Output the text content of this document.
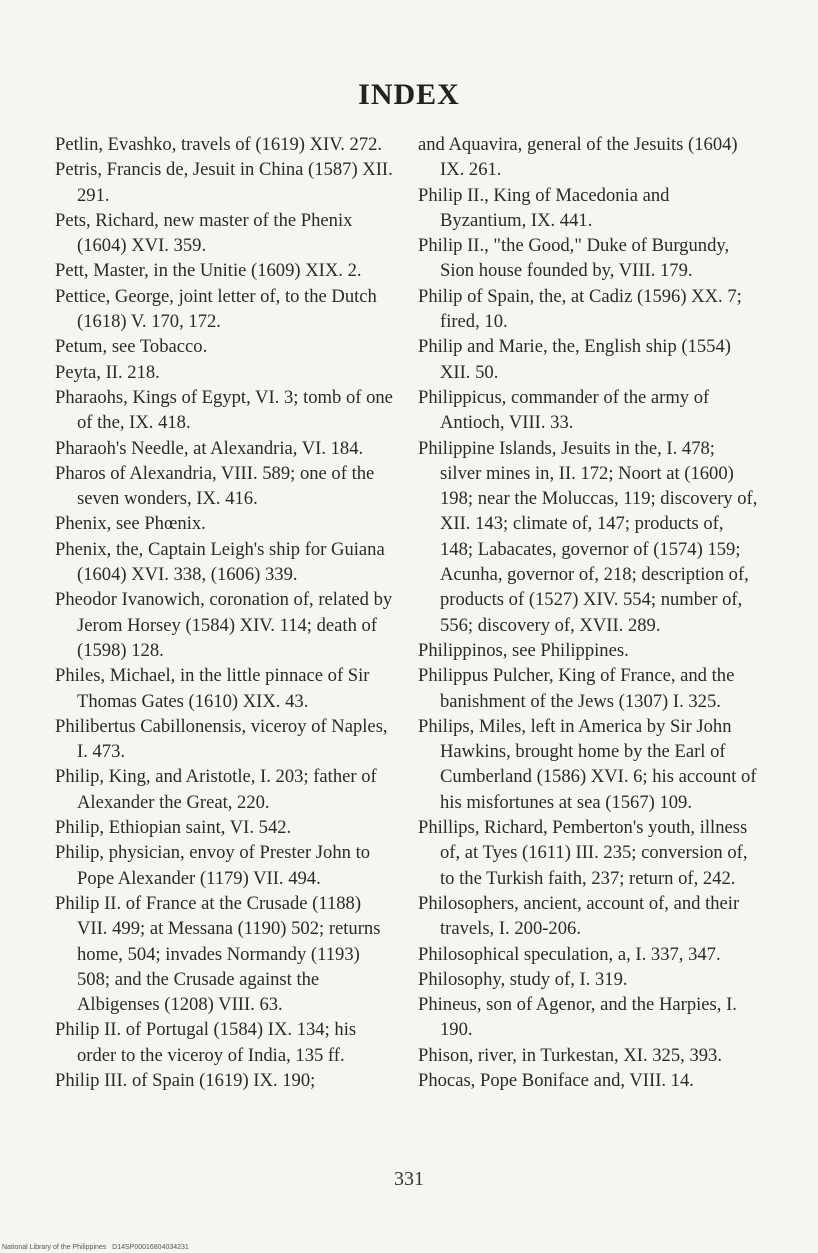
INDEX

Petlin, Evashko, travels of (1619) XIV. 272.

Petris, Francis de, Jesuit in China (1587) XII. 291.

Pets, Richard, new master of the Phenix (1604) XVI. 359.

Pett, Master, in the Unitie (1609) XIX. 2.

Pettice, George, joint letter of, to the Dutch (1618) V. 170, 172.

Petum, see Tobacco.

Peyta, II. 218.

Pharaohs, Kings of Egypt, VI. 3; tomb of one of the, IX. 418.

Pharaoh's Needle, at Alexandria, VI. 184.

Pharos of Alexandria, VIII. 589; one of the seven wonders, IX. 416.

Phenix, see Phœnix.

Phenix, the, Captain Leigh's ship for Guiana (1604) XVI. 338, (1606) 339.

Pheodor Ivanowich, coronation of, related by Jerom Horsey (1584) XIV. 114; death of (1598) 128.

Philes, Michael, in the little pinnace of Sir Thomas Gates (1610) XIX. 43.

Philibertus Cabillonensis, viceroy of Naples, I. 473.

Philip, King, and Aristotle, I. 203; father of Alexander the Great, 220.

Philip, Ethiopian saint, VI. 542.

Philip, physician, envoy of Prester John to Pope Alexander (1179) VII. 494.

Philip II. of France at the Crusade (1188) VII. 499; at Messana (1190) 502; returns home, 504; invades Normandy (1193) 508; and the Crusade against the Albigenses (1208) VIII. 63.

Philip II. of Portugal (1584) IX. 134; his order to the viceroy of India, 135 ff.

Philip III. of Spain (1619) IX. 190;

and Aquavira, general of the Jesuits (1604) IX. 261.

Philip II., King of Macedonia and Byzantium, IX. 441.

Philip II., "the Good," Duke of Burgundy, Sion house founded by, VIII. 179.

Philip of Spain, the, at Cadiz (1596) XX. 7; fired, 10.

Philip and Marie, the, English ship (1554) XII. 50.

Philippicus, commander of the army of Antioch, VIII. 33.

Philippine Islands, Jesuits in the, I. 478; silver mines in, II. 172; Noort at (1600) 198; near the Moluccas, 119; discovery of, XII. 143; climate of, 147; products of, 148; Labacates, governor of (1574) 159; Acunha, governor of, 218; description of, products of (1527) XIV. 554; number of, 556; discovery of, XVII. 289.

Philippinos, see Philippines.

Philippus Pulcher, King of France, and the banishment of the Jews (1307) I. 325.

Philips, Miles, left in America by Sir John Hawkins, brought home by the Earl of Cumberland (1586) XVI. 6; his account of his misfortunes at sea (1567) 109.

Phillips, Richard, Pemberton's youth, illness of, at Tyes (1611) III. 235; conversion of, to the Turkish faith, 237; return of, 242.

Philosophers, ancient, account of, and their travels, I. 200-206.

Philosophical speculation, a, I. 337, 347.

Philosophy, study of, I. 319.

Phineus, son of Agenor, and the Harpies, I. 190.

Phison, river, in Turkestan, XI. 325, 393.

Phocas, Pope Boniface and, VIII. 14.

331
National Library of the Philippines D14SP00016804034231
